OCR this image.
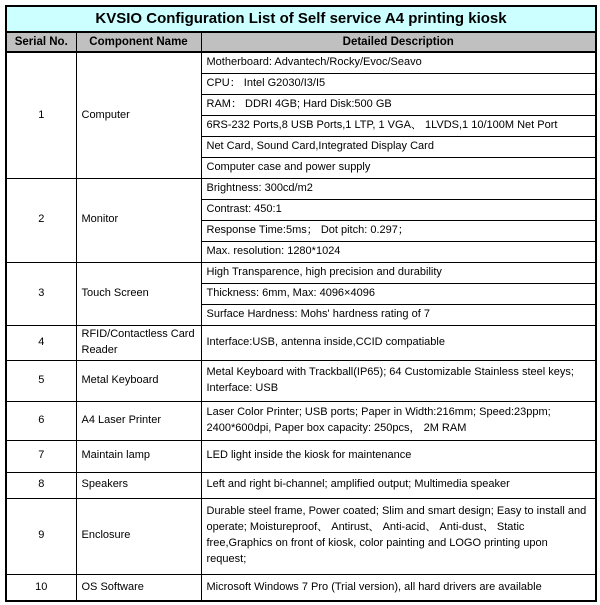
KVSIO Configuration List of Self service A4 printing kiosk		
Serial No.	Component Name	Detailed Description
1	Computer	Motherboard: Advantech/Rocky/Evoc/Seavo
		CPU： Intel G2030/I3/I5
		RAM： DDRI 4GB; Hard Disk:500 GB
		6RS-232 Ports,8 USB Ports,1 LTP, 1 VGA、 1LVDS,1 10/100M Net Port
		Net Card, Sound Card,Integrated Display Card
		Computer case and power supply
2	Monitor	Brightness: 300cd/m2
		Contrast: 450:1
		Response Time:5ms； Dot pitch: 0.297；
		Max. resolution: 1280*1024
3	Touch Screen	High Transparence, high precision and durability
		Thickness: 6mm, Max: 4096×4096
		Surface Hardness: Mohs' hardness rating of 7
4	RFID/Contactless Card Reader	Interface:USB, antenna inside,CCID compatiable
5	Metal Keyboard	Metal Keyboard with Trackball(IP65); 64 Customizable Stainless steel keys; Interface: USB
6	A4 Laser Printer	Laser Color Printer; USB ports; Paper in Width:216mm; Speed:23ppm; 2400*600dpi, Paper box capacity: 250pcs， 2M RAM
7	Maintain lamp	LED light inside the kiosk for maintenance
8	Speakers	Left and right bi-channel; amplified output; Multimedia speaker
9	Enclosure	Durable steel frame, Power coated; Slim and smart design; Easy to install and operate; Moistureproof、 Antirust、 Anti-acid、 Anti-dust、 Static free,Graphics on front of kiosk, color painting and LOGO printing upon request;
10	OS Software	Microsoft Windows 7 Pro (Trial version), all hard drivers are available
